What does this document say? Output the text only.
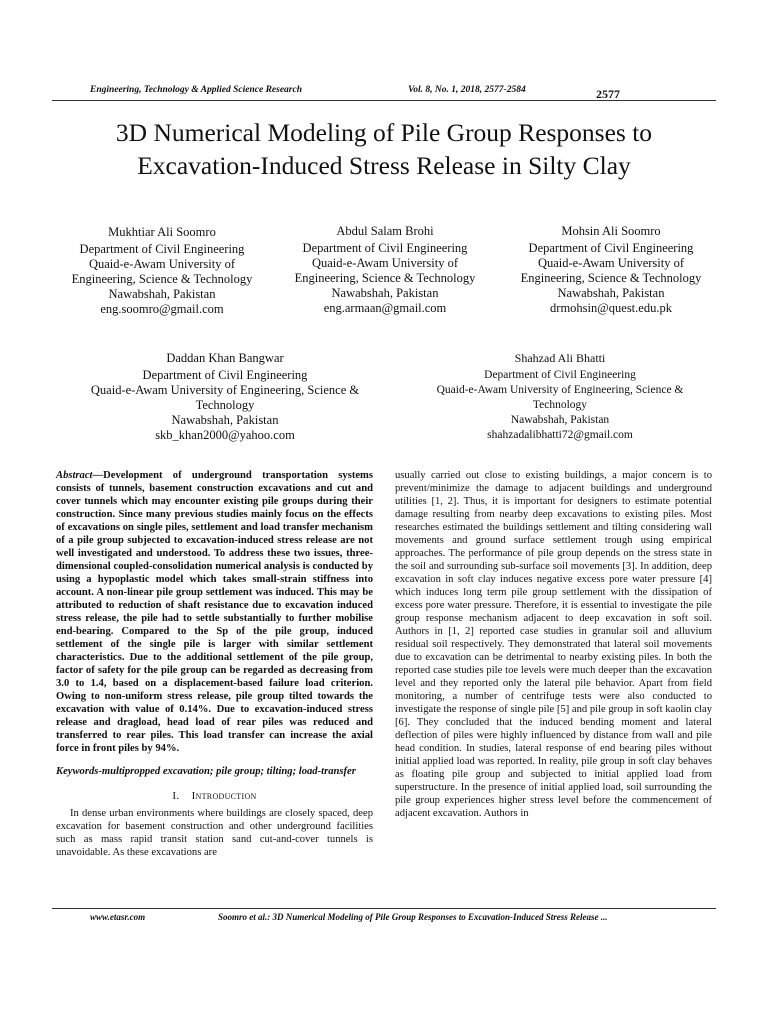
Engineering, Technology & Applied Science Research	Vol. 8, No. 1, 2018, 2577-2584	2577
3D Numerical Modeling of Pile Group Responses to
Excavation-Induced Stress Release in Silty Clay
Mukhtiar Ali Soomro
Department of Civil Engineering
Quaid-e-Awam University of
Engineering, Science & Technology
Nawabshah, Pakistan
eng.soomro@gmail.com
Abdul Salam Brohi
Department of Civil Engineering
Quaid-e-Awam University of
Engineering, Science & Technology
Nawabshah, Pakistan
eng.armaan@gmail.com
Mohsin Ali Soomro
Department of Civil Engineering
Quaid-e-Awam University of
Engineering, Science & Technology
Nawabshah, Pakistan
drmohsin@quest.edu.pk
Daddan Khan Bangwar
Department of Civil Engineering
Quaid-e-Awam University of Engineering, Science &
Technology
Nawabshah, Pakistan
skb_khan2000@yahoo.com
Shahzad Ali Bhatti
Department of Civil Engineering
Quaid-e-Awam University of Engineering, Science &
Technology
Nawabshah, Pakistan
shahzadalibhatti72@gmail.com

Abstract—Development of underground transportation systems consists of tunnels, basement construction excavations and cut and cover tunnels which may encounter existing pile groups during their construction. Since many previous studies mainly focus on the effects of excavations on single piles, settlement and load transfer mechanism of a pile group subjected to excavation-induced stress release are not well investigated and understood. To address these two issues, three-dimensional coupled-consolidation numerical analysis is conducted by using a hypoplastic model which takes small-strain stiffness into account. A non-linear pile group settlement was induced. This may be attributed to reduction of shaft resistance due to excavation induced stress release, the pile had to settle substantially to further mobilise end-bearing. Compared to the Sp of the pile group, induced settlement of the single pile is larger with similar settlement characteristics. Due to the additional settlement of the pile group, factor of safety for the pile group can be regarded as decreasing from 3.0 to 1.4, based on a displacement-based failure load criterion. Owing to non-uniform stress release, pile group tilted towards the excavation with value of 0.14%. Due to excavation-induced stress release and dragload, head load of rear piles was reduced and transferred to rear piles. This load transfer can increase the axial force in front piles by 94%.

Keywords-multipropped excavation; pile group; tilting; load-transfer

I. Introduction

In dense urban environments where buildings are closely spaced, deep excavation for basement construction and other underground facilities such as mass rapid transit station sand cut-and-cover tunnels is unavoidable. As these excavations are

usually carried out close to existing buildings, a major concern is to prevent/minimize the damage to adjacent buildings and underground utilities [1, 2]. Thus, it is important for designers to estimate potential damage resulting from nearby deep excavations to existing piles. Most researches estimated the buildings settlement and tilting considering wall movements and ground surface settlement trough using empirical approaches. The performance of pile group depends on the stress state in the soil and surrounding sub-surface soil movements [3]. In addition, deep excavation in soft clay induces negative excess pore water pressure [4] which induces long term pile group settlement with the dissipation of excess pore water pressure. Therefore, it is essential to investigate the pile group response mechanism adjacent to deep excavation in soft soil. Authors in [1, 2] reported case studies in granular soil and alluvium residual soil respectively. They demonstrated that lateral soil movements due to excavation can be detrimental to nearby existing piles. In both the reported case studies pile toe levels were much deeper than the excavation level and they reported only the lateral pile behavior. Apart from field monitoring, a number of centrifuge tests were also conducted to investigate the response of single pile [5] and pile group in soft kaolin clay [6]. They concluded that the induced bending moment and lateral deflection of piles were highly influenced by distance from wall and pile head condition. In studies, lateral response of end bearing piles without initial applied load was reported. In reality, pile group in soft clay behaves as floating pile group and subjected to initial applied load from superstructure. In the presence of initial applied load, soil surrounding the pile group experiences higher stress level before the commencement of adjacent excavation. Authors in

www.etasr.com	Soomro et al.: 3D Numerical Modeling of Pile Group Responses to Excavation-Induced Stress Release ...
